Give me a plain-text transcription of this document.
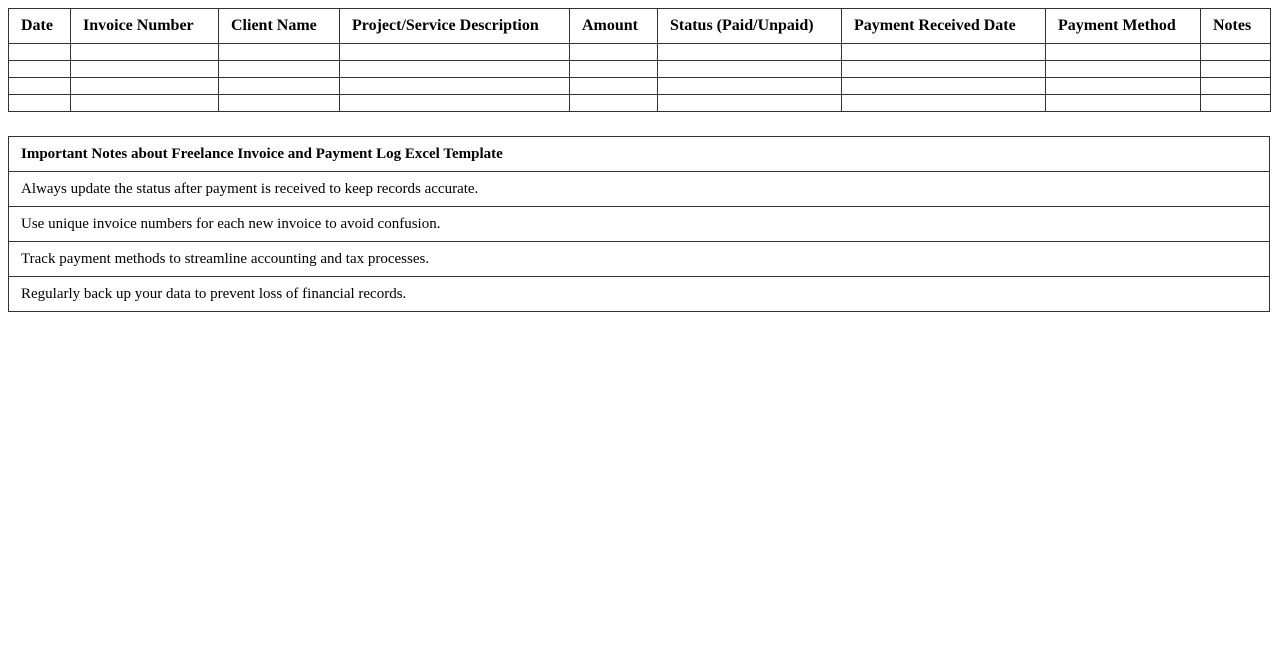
Date	Invoice Number	Client Name	Project/Service Description	Amount	Status (Paid/Unpaid)	Payment Received Date	Payment Method	Notes

Important Notes about Freelance Invoice and Payment Log Excel Template
Always update the status after payment is received to keep records accurate.
Use unique invoice numbers for each new invoice to avoid confusion.
Track payment methods to streamline accounting and tax processes.
Regularly back up your data to prevent loss of financial records.
